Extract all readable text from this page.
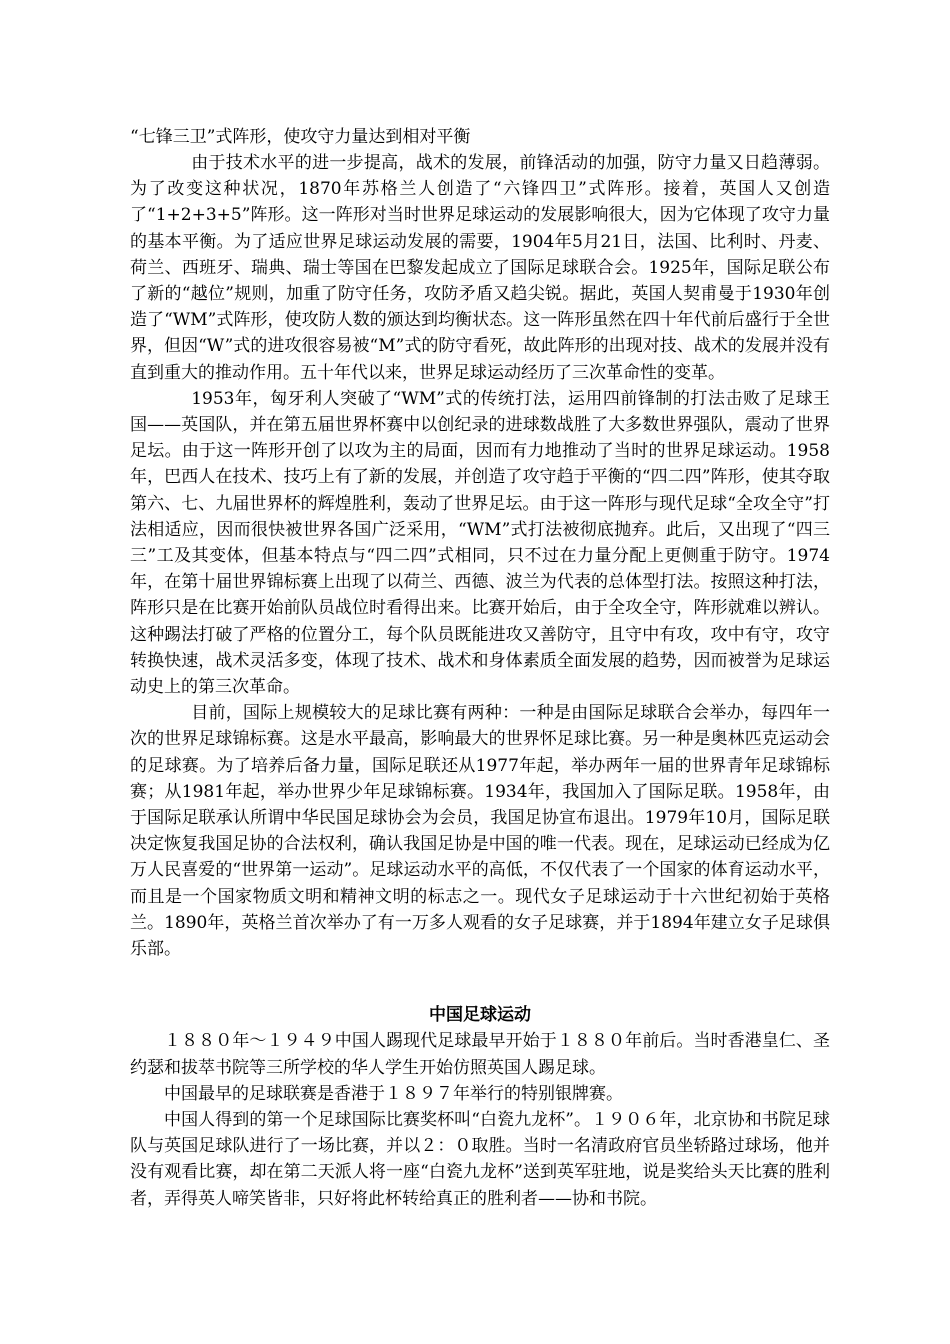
“七锋三卫”式阵形，使攻守力量达到相对平衡

由于技术水平的进一步提高，战术的发展，前锋活动的加强，防守力量又日趋薄弱。为了改变这种状况，1870年苏格兰人创造了“六锋四卫”式阵形。接着，英国人又创造了“1+2+3+5”阵形。这一阵形对当时世界足球运动的发展影响很大，因为它体现了攻守力量的基本平衡。为了适应世界足球运动发展的需要，1904年5月21日，法国、比利时、丹麦、荷兰、西班牙、瑞典、瑞士等国在巴黎发起成立了国际足球联合会。1925年，国际足联公布了新的“越位”规则，加重了防守任务，攻防矛盾又趋尖锐。据此，英国人契甫曼于1930年创造了“WM”式阵形，使攻防人数的颁达到均衡状态。这一阵形虽然在四十年代前后盛行于全世界，但因“W”式的进攻很容易被“M”式的防守看死，故此阵形的出现对技、战术的发展并没有直到重大的推动作用。五十年代以来，世界足球运动经历了三次革命性的变革。

1953年，匈牙利人突破了“WM”式的传统打法，运用四前锋制的打法击败了足球王国——英国队，并在第五届世界杯赛中以创纪录的进球数战胜了大多数世界强队，震动了世界足坛。由于这一阵形开创了以攻为主的局面，因而有力地推动了当时的世界足球运动。1958年，巴西人在技术、技巧上有了新的发展，并创造了攻守趋于平衡的“四二四”阵形，使其夺取第六、七、九届世界杯的辉煌胜利，轰动了世界足坛。由于这一阵形与现代足球“全攻全守”打法相适应，因而很快被世界各国广泛采用，“WM”式打法被彻底抛弃。此后，又出现了“四三三”工及其变体，但基本特点与“四二四”式相同，只不过在力量分配上更侧重于防守。1974年，在第十届世界锦标赛上出现了以荷兰、西德、波兰为代表的总体型打法。按照这种打法，阵形只是在比赛开始前队员战位时看得出来。比赛开始后，由于全攻全守，阵形就难以辨认。这种踢法打破了严格的位置分工，每个队员既能进攻又善防守，且守中有攻，攻中有守，攻守转换快速，战术灵活多变，体现了技术、战术和身体素质全面发展的趋势，因而被誉为足球运动史上的第三次革命。

目前，国际上规模较大的足球比赛有两种：一种是由国际足球联合会举办，每四年一次的世界足球锦标赛。这是水平最高，影响最大的世界怀足球比赛。另一种是奥林匹克运动会的足球赛。为了培养后备力量，国际足联还从1977年起，举办两年一届的世界青年足球锦标赛；从1981年起，举办世界少年足球锦标赛。1934年，我国加入了国际足联。1958年，由于国际足联承认所谓中华民国足球协会为会员，我国足协宣布退出。1979年10月，国际足联决定恢复我国足协的合法权利，确认我国足协是中国的唯一代表。现在，足球运动已经成为亿万人民喜爱的“世界第一运动”。足球运动水平的高低，不仅代表了一个国家的体育运动水平，而且是一个国家物质文明和精神文明的标志之一。现代女子足球运动于十六世纪初始于英格兰。1890年，英格兰首次举办了有一万多人观看的女子足球赛，并于1894年建立女子足球俱乐部。

中国足球运动

１８８０年～１９４９中国人踢现代足球最早开始于１８８０年前后。当时香港皇仁、圣约瑟和拔萃书院等三所学校的华人学生开始仿照英国人踢足球。

中国最早的足球联赛是香港于１８９７年举行的特别银牌赛。

中国人得到的第一个足球国际比赛奖杯叫“白瓷九龙杯”。１９０６年，北京协和书院足球队与英国足球队进行了一场比赛，并以２：０取胜。当时一名清政府官员坐轿路过球场，他并没有观看比赛，却在第二天派人将一座“白瓷九龙杯”送到英军驻地，说是奖给头天比赛的胜利者，弄得英人啼笑皆非，只好将此杯转给真正的胜利者——协和书院。
